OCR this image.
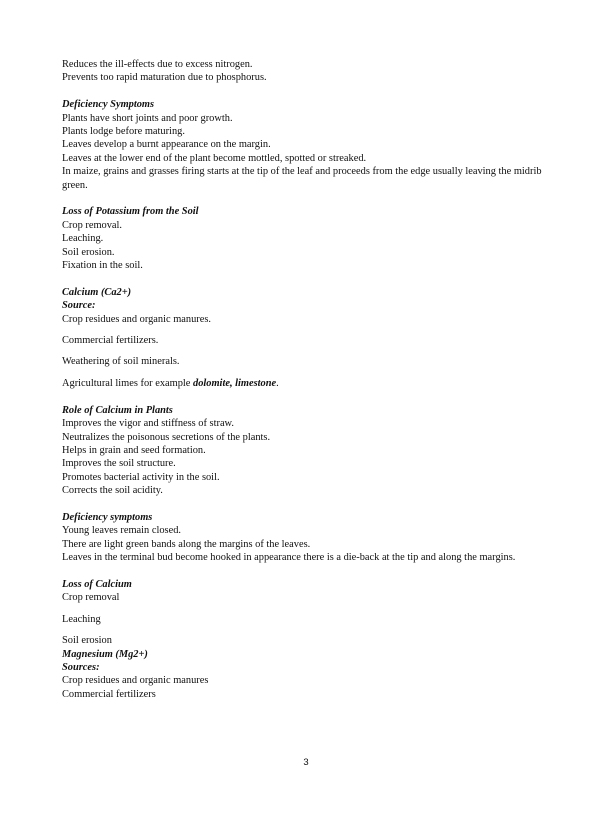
Reduces the ill-effects due to excess nitrogen.

Prevents too rapid maturation due to phosphorus.

Deficiency Symptoms

Plants have short joints and poor growth.

Plants lodge before maturing.

Leaves develop a burnt appearance on the margin.

Leaves at the lower end of the plant become mottled, spotted or streaked.

In maize, grains and grasses firing starts at the tip of the leaf and proceeds from the edge usually leaving the midrib green.

Loss of Potassium from the Soil

Crop removal.

Leaching.

Soil erosion.

Fixation in the soil.

Calcium (Ca2+)

Source:

Crop residues and organic manures.

Commercial fertilizers.

Weathering of soil minerals.

Agricultural limes for example dolomite, limestone.

Role of Calcium in Plants

Improves the vigor and stiffness of straw.

Neutralizes the poisonous secretions of the plants.

Helps in grain and seed formation.

Improves the soil structure.

Promotes bacterial activity in the soil.

Corrects the soil acidity.

Deficiency symptoms

Young leaves remain closed.

There are light green bands along the margins of the leaves.

Leaves in the terminal bud become hooked in appearance there is a die-back at the tip and along the margins.

Loss of Calcium

Crop removal

Leaching

Soil erosion

Magnesium (Mg2+)

Sources:

Crop residues and organic manures

Commercial fertilizers

3
